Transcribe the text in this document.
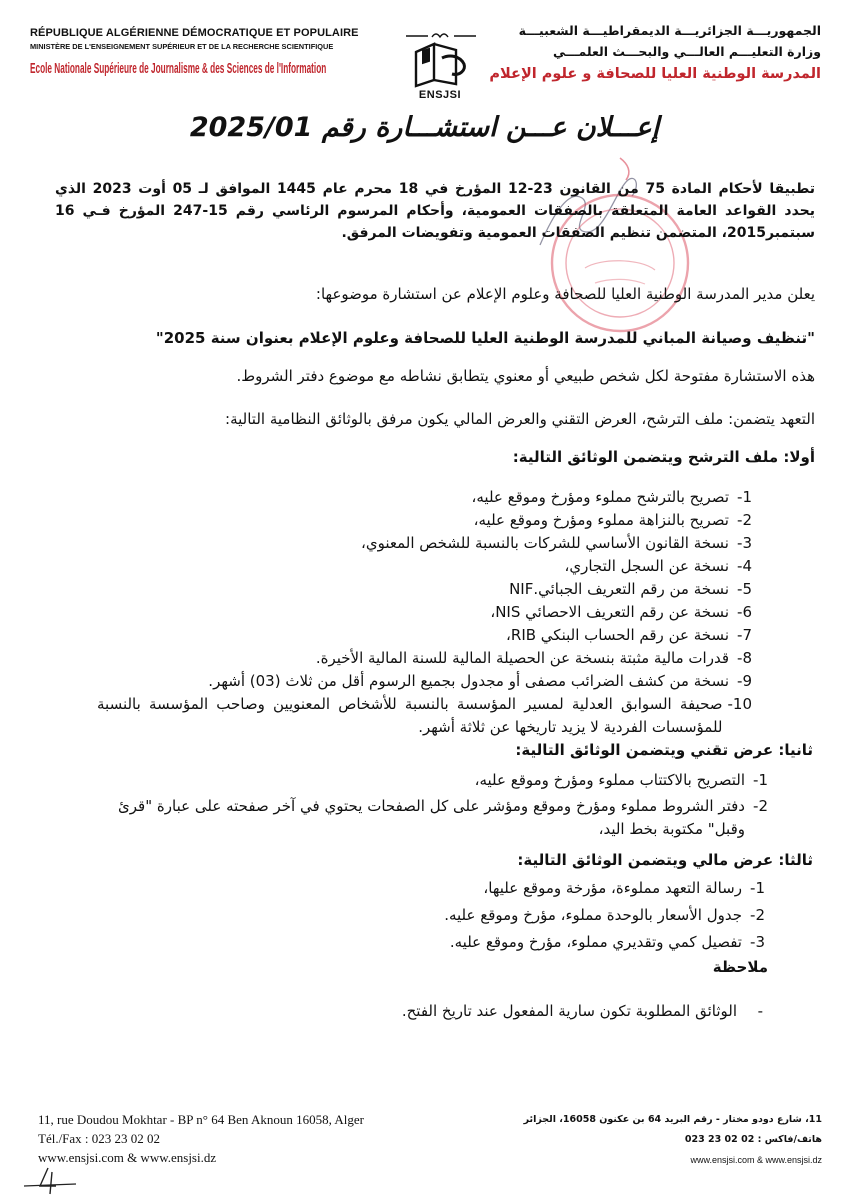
RÉPUBLIQUE ALGÉRIENNE DÉMOCRATIQUE ET POPULAIRE
MINISTÈRE DE L'ENSEIGNEMENT SUPÉRIEUR ET DE LA RECHERCHE SCIENTIFIQUE
Ecole Nationale Supérieure de Journalisme & des Sciences de l'Information
ENSJSI
الجمهوريـــة الجزائريـــة الديمقراطيـــة الشعبيـــة
وزارة التعليـــم العالـــي والبحـــث العلمـــي
المدرسة الوطنية العليا للصحافة و علوم الإعلام
إعـــلان عـــن استشـــارة رقم 2025/01
تطبيقا لأحكام المادة 75 من القانون 23-12 المؤرخ في 18 محرم عام 1445 الموافق لـ 05 أوت 2023 الذي يحدد القواعد العامة المتعلقة بالصفقات العمومية، وأحكام المرسوم الرئاسي رقم 15-247 المؤرخ فـي 16 سبتمبر2015، المتضمن تنظيم الصفقات العمومية وتفويضات المرفق.
يعلن مدير المدرسة الوطنية العليا للصحافة وعلوم الإعلام عن استشارة موضوعها:
"تنظيف وصيانة المباني للمدرسة الوطنية العليا للصحافة وعلوم الإعلام بعنوان سنة 2025"
هذه الاستشارة مفتوحة لكل شخص طبيعي أو معنوي يتطابق نشاطه مع موضوع دفتر الشروط.
التعهد يتضمن: ملف الترشح، العرض التقني والعرض المالي يكون مرفق بالوثائق النظامية التالية:
أولا: ملف الترشح ويتضمن الوثائق التالية:
1-
تصريح بالترشح مملوء ومؤرخ وموقع عليه،
2-
تصريح بالنزاهة مملوء ومؤرخ وموقع عليه،
3-
نسخة القانون الأساسي للشركات بالنسبة للشخص المعنوي،
4-
نسخة عن السجل التجاري،
5-
نسخة من رقم التعريف الجبائي.NIF
6-
نسخة عن رقم التعريف الاحصائي NIS،
7-
نسخة عن رقم الحساب البنكي RIB،
8-
قدرات مالية مثبتة بنسخة عن الحصيلة المالية للسنة المالية الأخيرة.
9-
نسخة من كشف الضرائب مصفى أو مجدول بجميع الرسوم أقل من ثلاث (03) أشهر.
10-
صحيفة السوابق العدلية لمسير المؤسسة بالنسبة للأشخاص المعنويين وصاحب المؤسسة بالنسبة للمؤسسات الفردية لا يزيد تاريخها عن ثلاثة أشهر.
ثانيا: عرض تقني ويتضمن الوثائق التالية:
1-
التصريح بالاكتتاب مملوء ومؤرخ وموقع عليه،
2-
دفتر الشروط مملوء ومؤرخ وموقع ومؤشر على كل الصفحات يحتوي في آخر صفحته على عبارة "قرئ وقبل" مكتوبة بخط اليد،
ثالثا: عرض مالي ويتضمن الوثائق التالية:
1-
رسالة التعهد مملوءة، مؤرخة وموقع عليها،
2-
جدول الأسعار بالوحدة مملوء، مؤرخ وموقع عليه.
3-
تفصيل كمي وتقديري مملوء، مؤرخ وموقع عليه.
ملاحظة
-
الوثائق المطلوبة تكون سارية المفعول عند تاريخ الفتح.
11, rue Doudou Mokhtar - BP n° 64 Ben Aknoun 16058, Alger
Tél./Fax : 023 23 02 02
www.ensjsi.com & www.ensjsi.dz
11، شارع دودو مختار - رقم البريد 64 بن عكنون 16058، الجزائر
هاتف/فاكس : 02 02 23 023
www.ensjsi.com & www.ensjsi.dz
